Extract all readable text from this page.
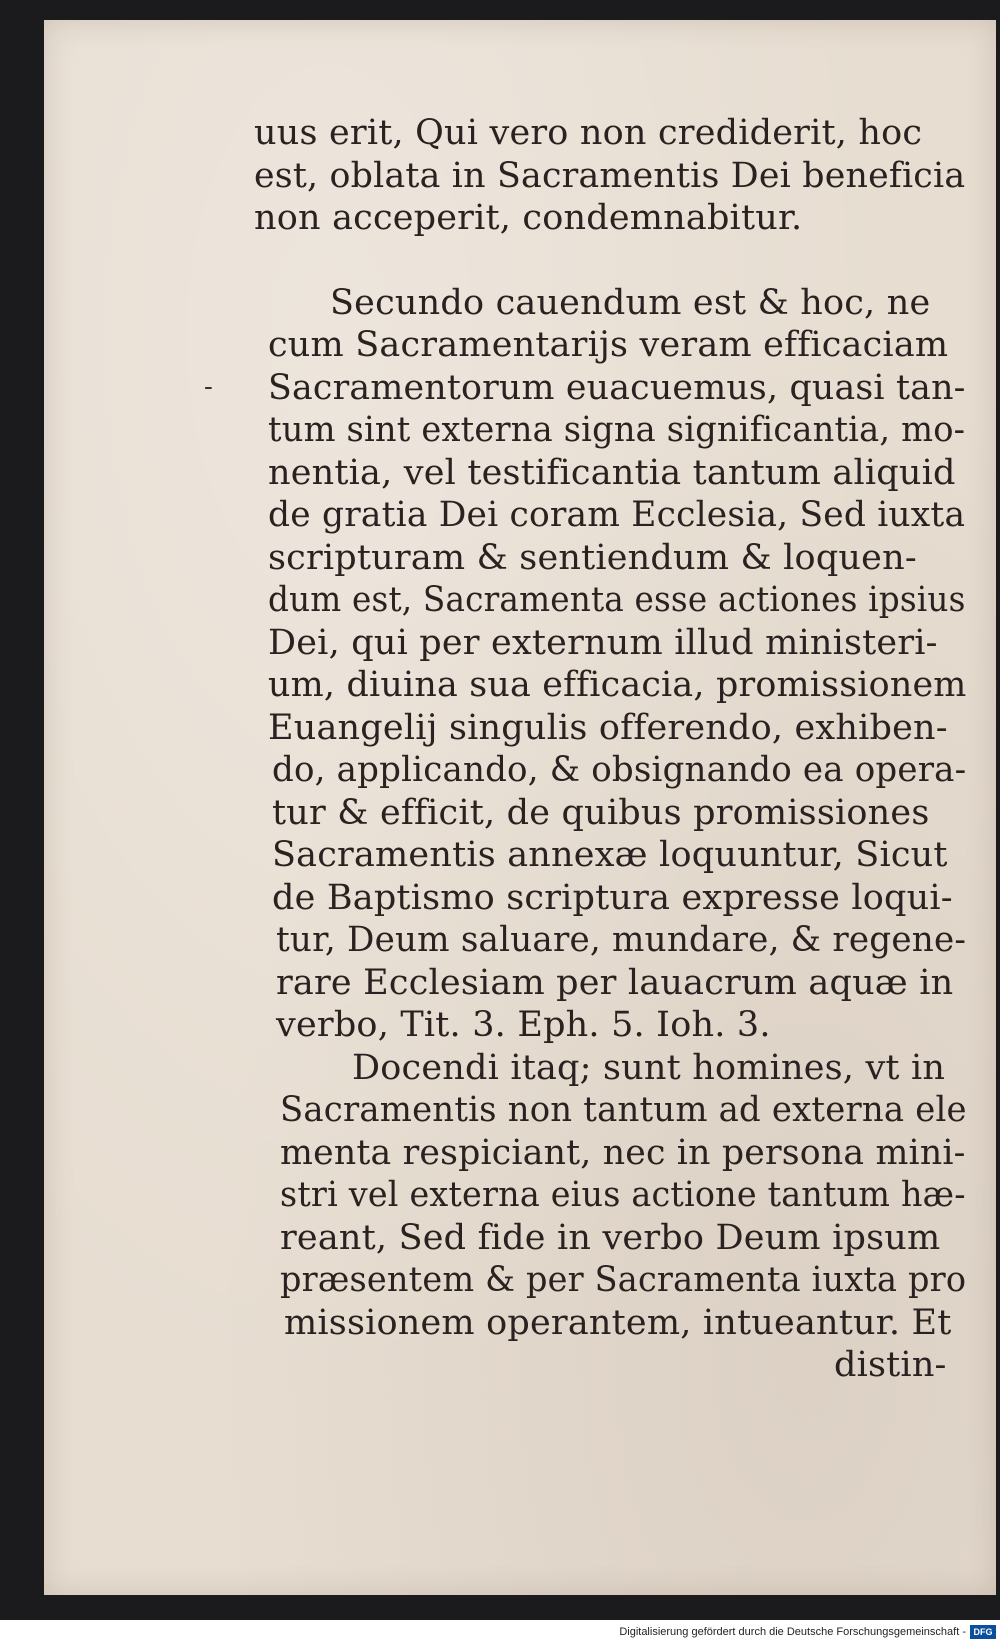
uus erit, Qui vero non crediderit, hoc
est, oblata in Sacramentis Dei beneficia
non acceperit, condemnabitur.
Secundo cauendum est & hoc, ne
cum Sacramentarijs veram efficaciam
Sacramentorum euacuemus, quasi tan-
tum sint externa signa significantia, mo-
nentia, vel testificantia tantum aliquid
de gratia Dei coram Ecclesia, Sed iuxta
scripturam & sentiendum & loquen-
dum est, Sacramenta esse actiones ipsius
Dei, qui per externum illud ministeri-
um, diuina sua efficacia, promissionem
Euangelij singulis offerendo, exhiben-
do, applicando, & obsignando ea opera-
tur & efficit, de quibus promissiones
Sacramentis annexæ loquuntur, Sicut
de Baptismo scriptura expresse loqui-
tur, Deum saluare, mundare, & regene-
rare Ecclesiam per lauacrum aquæ in
verbo, Tit. 3. Eph. 5. Ioh. 3.
Docendi itaq; sunt homines, vt in
Sacramentis non tantum ad externa ele
menta respiciant, nec in persona mini-
stri vel externa eius actione tantum hæ-
reant, Sed fide in verbo Deum ipsum
præsentem & per Sacramenta iuxta pro
missionem operantem, intueantur. Et
distin-
-
Digitalisierung gefördert durch die Deutsche Forschungsgemeinschaft - DFG
